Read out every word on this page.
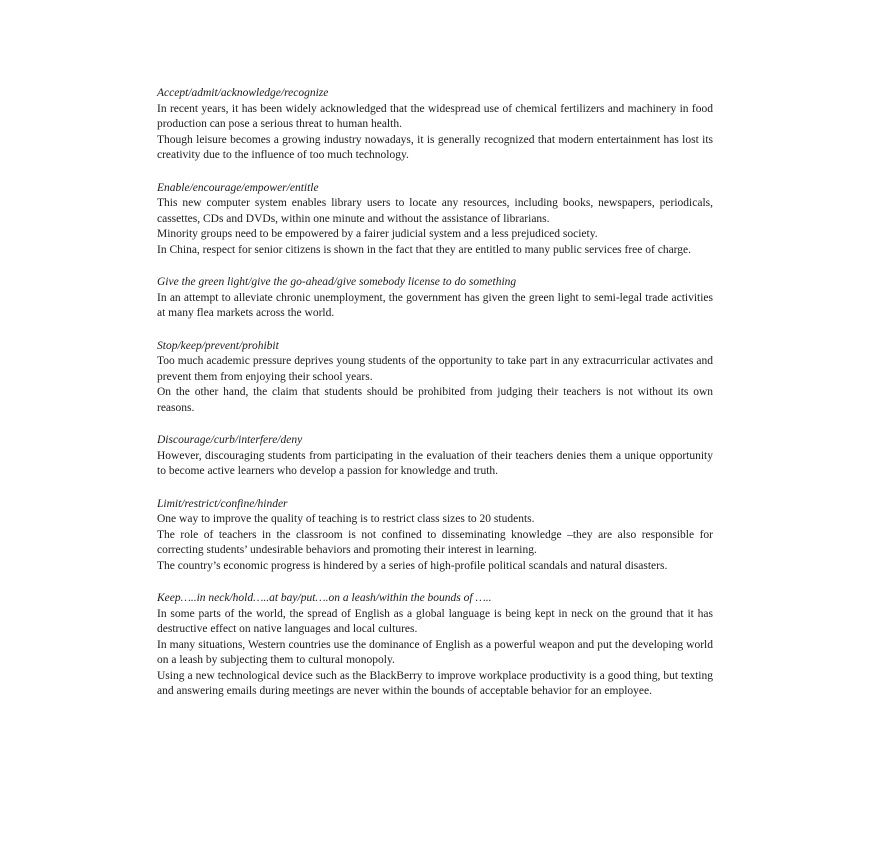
Accept/admit/acknowledge/recognize

In recent years, it has been widely acknowledged that the widespread use of chemical fertilizers and machinery in food production can pose a serious threat to human health.

Though leisure becomes a growing industry nowadays, it is generally recognized that modern entertainment has lost its creativity due to the influence of too much technology.

Enable/encourage/empower/entitle

This new computer system enables library users to locate any resources, including books, newspapers, periodicals, cassettes, CDs and DVDs, within one minute and without the assistance of librarians.

Minority groups need to be empowered by a fairer judicial system and a less prejudiced society.

In China, respect for senior citizens is shown in the fact that they are entitled to many public services free of charge.

Give the green light/give the go-ahead/give somebody license to do something

In an attempt to alleviate chronic unemployment, the government has given the green light to semi-legal trade activities at many flea markets across the world.

Stop/keep/prevent/prohibit

Too much academic pressure deprives young students of the opportunity to take part in any extracurricular activates and prevent them from enjoying their school years.

On the other hand, the claim that students should be prohibited from judging their teachers is not without its own reasons.

Discourage/curb/interfere/deny

However, discouraging students from participating in the evaluation of their teachers denies them a unique opportunity to become active learners who develop a passion for knowledge and truth.

Limit/restrict/confine/hinder

One way to improve the quality of teaching is to restrict class sizes to 20 students.

The role of teachers in the classroom is not confined to disseminating knowledge –they are also responsible for correcting students’ undesirable behaviors and promoting their interest in learning.

The country’s economic progress is hindered by a series of high-profile political scandals and natural disasters.

Keep…..in neck/hold…..at bay/put….on a leash/within the bounds of …..

In some parts of the world, the spread of English as a global language is being kept in neck on the ground that it has destructive effect on native languages and local cultures.

In many situations, Western countries use the dominance of English as a powerful weapon and put the developing world on a leash by subjecting them to cultural monopoly.

Using a new technological device such as the BlackBerry to improve workplace productivity is a good thing, but texting and answering emails during meetings are never within the bounds of acceptable behavior for an employee.
